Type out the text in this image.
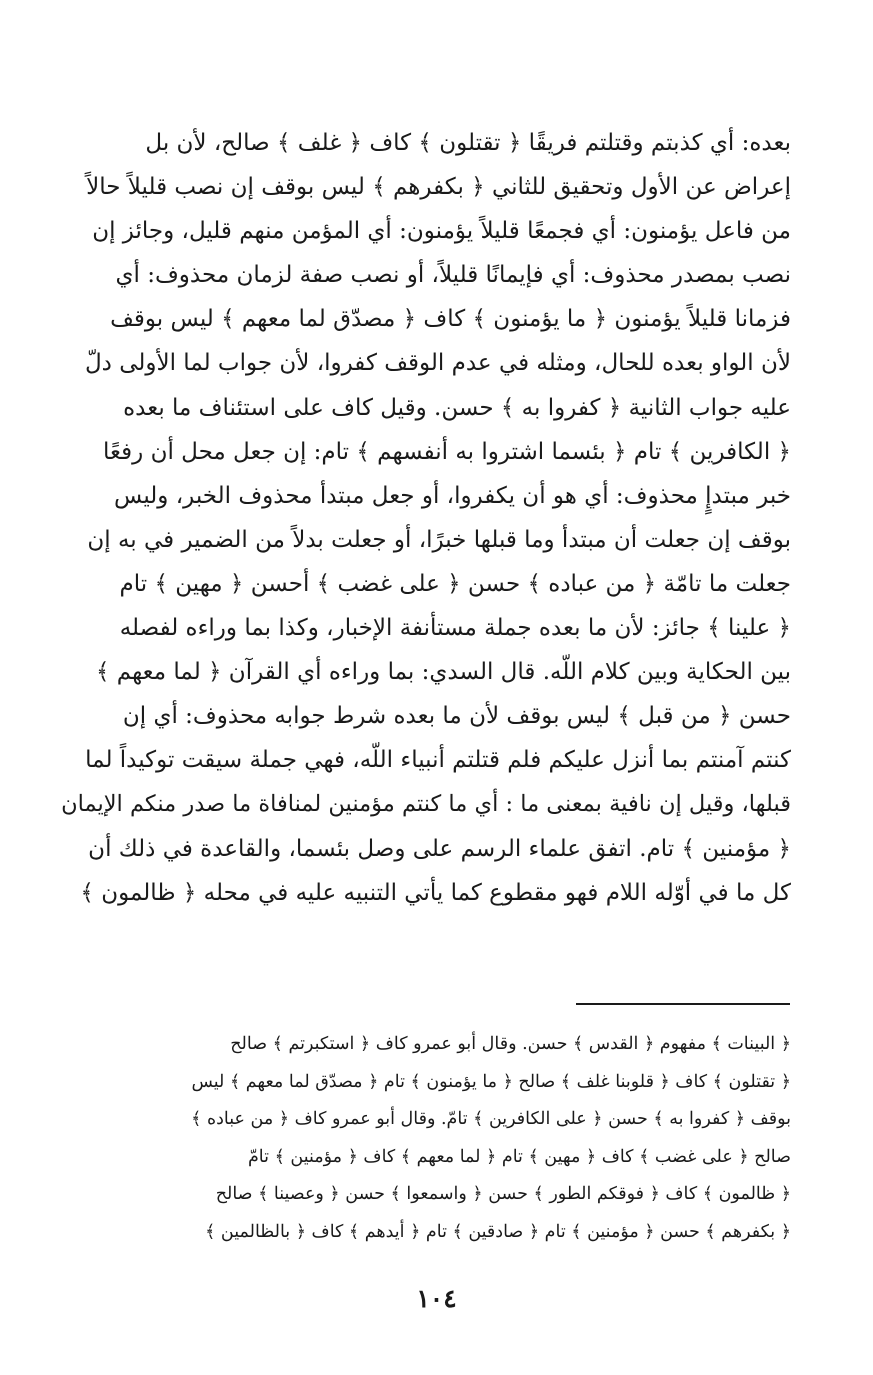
بعده: أي كذبتم وقتلتم فريقًا ﴿ تقتلون ﴾ كاف ﴿ غلف ﴾ صالح، لأن بل
إعراض عن الأول وتحقيق للثاني ﴿ بكفرهم ﴾ ليس بوقف إن نصب قليلاً حالاً
من فاعل يؤمنون: أي فجمعًا قليلاً يؤمنون: أي المؤمن منهم قليل، وجائز إن
نصب بمصدر محذوف: أي فإيمانًا قليلاً، أو نصب صفة لزمان محذوف: أي
فزمانا قليلاً يؤمنون ﴿ ما يؤمنون ﴾ كاف ﴿ مصدّق لما معهم ﴾ ليس بوقف
لأن الواو بعده للحال، ومثله في عدم الوقف كفروا، لأن جواب لما الأولى دلّ
عليه جواب الثانية ﴿ كفروا به ﴾ حسن. وقيل كاف على استئناف ما بعده
﴿ الكافرين ﴾ تام ﴿ بئسما اشتروا به أنفسهم ﴾ تام: إن جعل محل أن رفعًا
خبر مبتدإٍ محذوف: أي هو أن يكفروا، أو جعل مبتدأ محذوف الخبر، وليس
بوقف إن جعلت أن مبتدأ وما قبلها خبرًا، أو جعلت بدلاً من الضمير في به إن
جعلت ما تامّة ﴿ من عباده ﴾ حسن ﴿ على غضب ﴾ أحسن ﴿ مهين ﴾ تام
﴿ علينا ﴾ جائز: لأن ما بعده جملة مستأنفة الإخبار، وكذا بما وراءه لفصله
بين الحكاية وبين كلام اللّه. قال السدي: بما وراءه أي القرآن ﴿ لما معهم ﴾
حسن ﴿ من قبل ﴾ ليس بوقف لأن ما بعده شرط جوابه محذوف: أي إن
كنتم آمنتم بما أنزل عليكم فلم قتلتم أنبياء اللّه، فهي جملة سيقت توكيداً لما
قبلها، وقيل إن نافية بمعنى ما : أي ما كنتم مؤمنين لمنافاة ما صدر منكم الإيمان
﴿ مؤمنين ﴾ تام. اتفق علماء الرسم على وصل بئسما، والقاعدة في ذلك أن
كل ما في أوّله اللام فهو مقطوع كما يأتي التنبيه عليه في محله ﴿ ظالمون ﴾
﴿ البينات ﴾ مفهوم ﴿ القدس ﴾ حسن. وقال أبو عمرو كاف ﴿ استكبرتم ﴾ صالح
﴿ تقتلون ﴾ كاف ﴿ قلوبنا غلف ﴾ صالح ﴿ ما يؤمنون ﴾ تام ﴿ مصدّق لما معهم ﴾ ليس
بوقف ﴿ كفروا به ﴾ حسن ﴿ على الكافرين ﴾ تامّ. وقال أبو عمرو كاف ﴿ من عباده ﴾
صالح ﴿ على غضب ﴾ كاف ﴿ مهين ﴾ تام ﴿ لما معهم ﴾ كاف ﴿ مؤمنين ﴾ تامّ
﴿ ظالمون ﴾ كاف ﴿ فوقكم الطور ﴾ حسن ﴿ واسمعوا ﴾ حسن ﴿ وعصينا ﴾ صالح
﴿ بكفرهم ﴾ حسن ﴿ مؤمنين ﴾ تام ﴿ صادقين ﴾ تام ﴿ أيدهم ﴾ كاف ﴿ بالظالمين ﴾
١٠٤
